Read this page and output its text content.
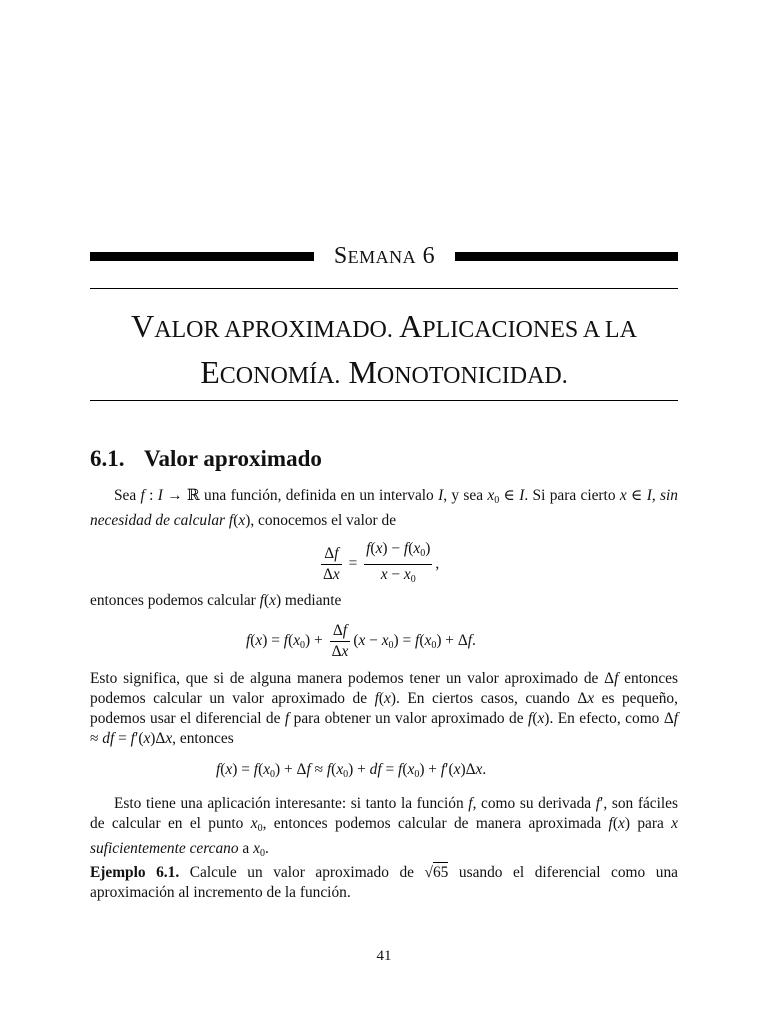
SEMANA 6
VALOR APROXIMADO. APLICACIONES A LA
ECONOMÍA. MONOTONICIDAD.
6.1. Valor aproximado
Sea f : I → ℝ una función, definida en un intervalo I, y sea $x_0$ ∈ I. Si para cierto x ∈ I, sin necesidad de calcular f(x), conocemos el valor de
$\frac{\Delta f}{\Delta x} = \frac{f(x) - f(x_0)}{x - x_0}$ ,
entonces podemos calcular f(x) mediante
$f(x) = f(x_0) + \frac{\Delta f}{\Delta x} (x - x_0) = f(x_0) + \Delta f$.
Esto significa, que si de alguna manera podemos tener un valor aproximado de Δf entonces podemos calcular un valor aproximado de f(x). En ciertos casos, cuando Δx es pequeño, podemos usar el diferencial de f para obtener un valor aproximado de f(x). En efecto, como Δf ≈ df = f′(x)Δx, entonces
$f(x) = f(x_0) + \Delta f \approx f(x_0)$ + df = $f(x_0) + f'(x)\Delta x$.
Esto tiene una aplicación interesante: si tanto la función f, como su derivada f′, son fáciles de calcular en el punto $x_0$, entonces podemos calcular de manera aproximada f(x) para x suficientemente cercano a $x_0$.
Ejemplo 6.1. Calcule un valor aproximado de √65 usando el diferencial como una aproximación al incremento de la función.
41
